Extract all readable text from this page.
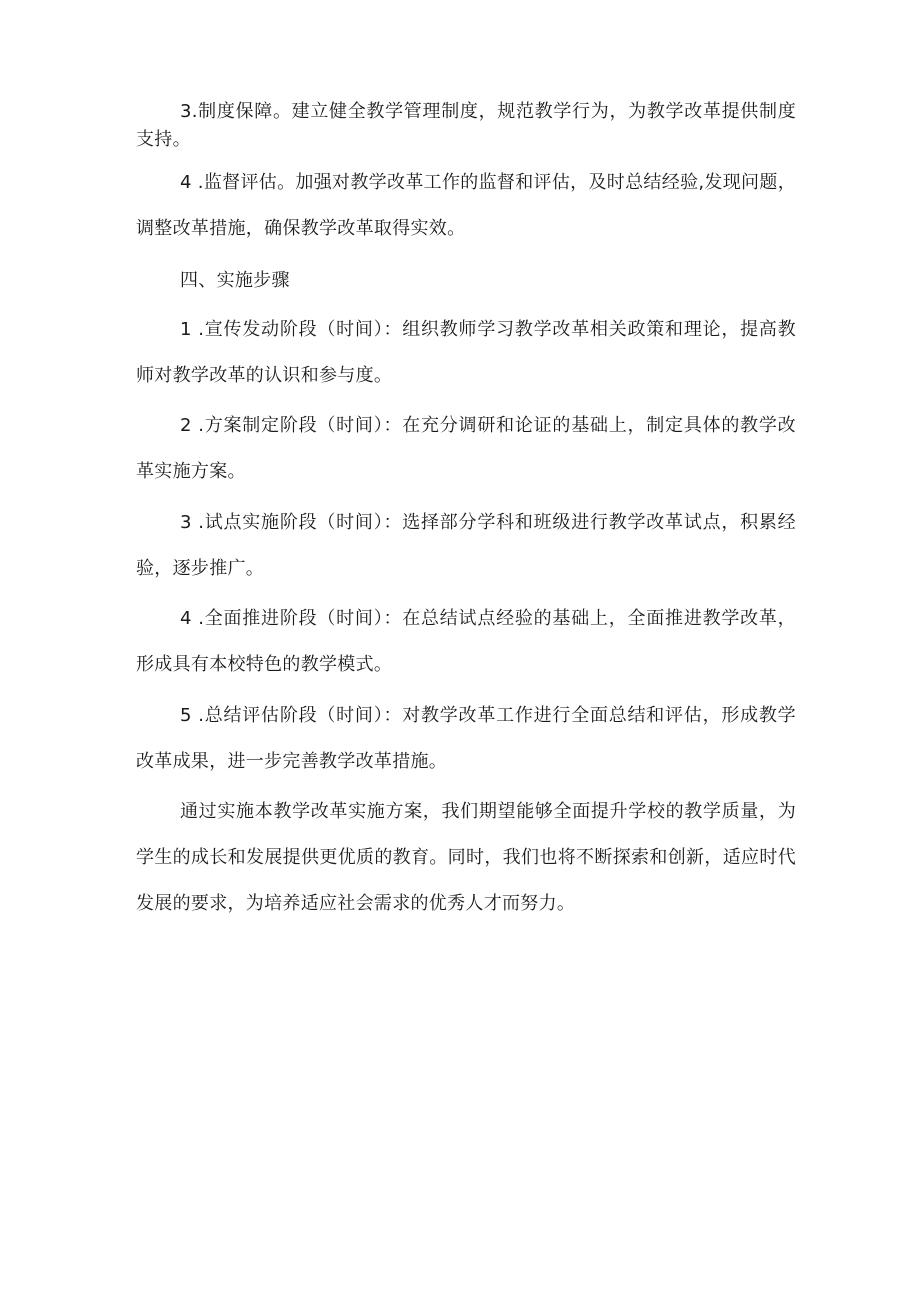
3.制度保障。建立健全教学管理制度，规范教学行为，为教学改革提供制度支持。

4 .监督评估。加强对教学改革工作的监督和评估，及时总结经验,发现问题，调整改革措施，确保教学改革取得实效。

四、实施步骤

1 .宣传发动阶段（时间）：组织教师学习教学改革相关政策和理论，提高教师对教学改革的认识和参与度。

2 .方案制定阶段（时间）：在充分调研和论证的基础上，制定具体的教学改革实施方案。

3 .试点实施阶段（时间）：选择部分学科和班级进行教学改革试点，积累经验，逐步推广。

4 .全面推进阶段（时间）：在总结试点经验的基础上，全面推进教学改革，形成具有本校特色的教学模式。

5 .总结评估阶段（时间）：对教学改革工作进行全面总结和评估，形成教学改革成果，进一步完善教学改革措施。

通过实施本教学改革实施方案，我们期望能够全面提升学校的教学质量，为学生的成长和发展提供更优质的教育。同时，我们也将不断探索和创新，适应时代发展的要求，为培养适应社会需求的优秀人才而努力。
